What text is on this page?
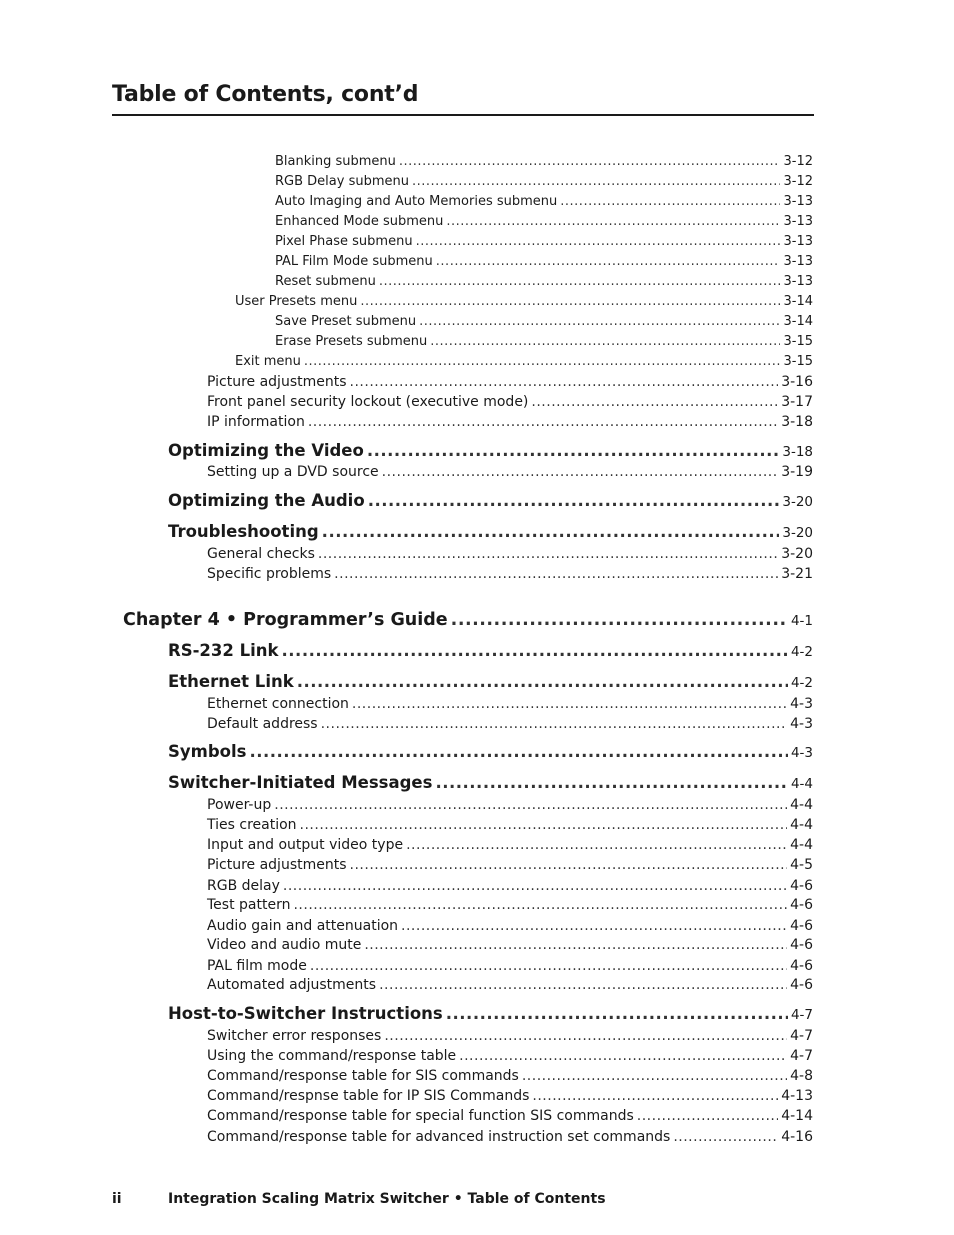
Table of Contents, cont’d
Blanking submenu .....	3-12
RGB Delay submenu .....	3-12
Auto Imaging and Auto Memories submenu .....	3-13
Enhanced Mode submenu .....	3-13
Pixel Phase submenu .....	3-13
PAL Film Mode submenu .....	3-13
Reset submenu .....	3-13
User Presets menu .....	3-14
Save Preset submenu .....	3-14
Erase Presets submenu .....	3-15
Exit menu .....	3-15
Picture adjustments .....	3-16
Front panel security lockout (executive mode) .....	3-17
IP information .....	3-18
Optimizing the Video .....	3-18
Setting up a DVD source .....	3-19
Optimizing the Audio .....	3-20
Troubleshooting .....	3-20
General checks .....	3-20
Specific problems .....	3-21
Chapter 4 • Programmer’s Guide .....	4-1
RS-232 Link .....	4-2
Ethernet Link .....	4-2
Ethernet connection .....	4-3
Default address .....	4-3
Symbols .....	4-3
Switcher-Initiated Messages .....	4-4
Power-up .....	4-4
Ties creation .....	4-4
Input and output video type .....	4-4
Picture adjustments .....	4-5
RGB delay .....	4-6
Test pattern .....	4-6
Audio gain and attenuation .....	4-6
Video and audio mute .....	4-6
PAL film mode .....	4-6
Automated adjustments .....	4-6
Host-to-Switcher Instructions .....	4-7
Switcher error responses .....	4-7
Using the command/response table .....	4-7
Command/response table for SIS commands .....	4-8
Command/respnse table for IP SIS Commands .....	4-13
Command/response table for special function SIS commands .....	4-14
Command/response table for advanced instruction set commands .....	4-16
ii	Integration Scaling Matrix Switcher • Table of Contents
